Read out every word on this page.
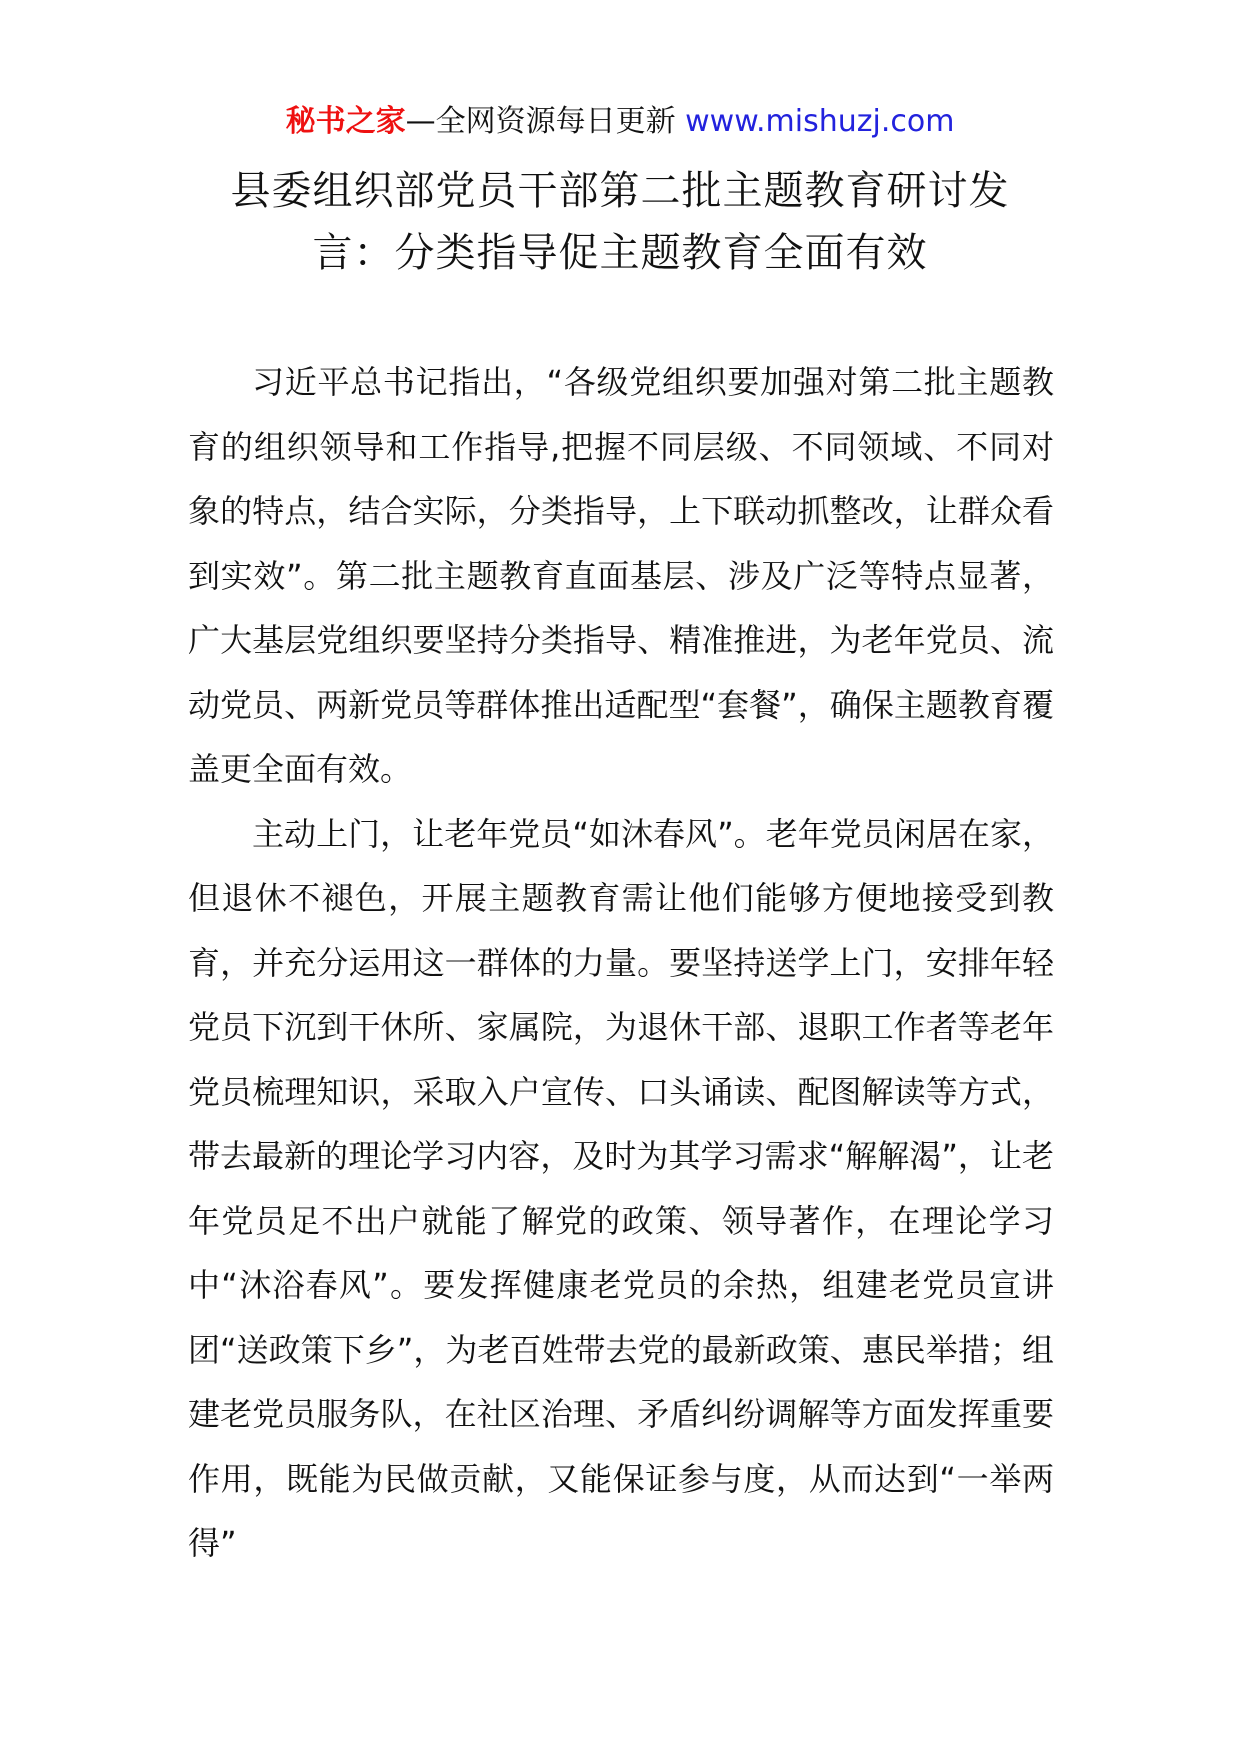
秘书之家—全网资源每日更新 www.mishuzj.com
县委组织部党员干部第二批主题教育研讨发言：分类指导促主题教育全面有效

习近平总书记指出，“各级党组织要加强对第二批主题教育的组织领导和工作指导,把握不同层级、不同领域、不同对象的特点，结合实际，分类指导，上下联动抓整改，让群众看到实效”。第二批主题教育直面基层、涉及广泛等特点显著，广大基层党组织要坚持分类指导、精准推进，为老年党员、流动党员、两新党员等群体推出适配型“套餐”，确保主题教育覆盖更全面有效。

主动上门，让老年党员“如沐春风”。老年党员闲居在家，但退休不褪色，开展主题教育需让他们能够方便地接受到教育，并充分运用这一群体的力量。要坚持送学上门，安排年轻党员下沉到干休所、家属院，为退休干部、退职工作者等老年党员梳理知识，采取入户宣传、口头诵读、配图解读等方式，带去最新的理论学习内容，及时为其学习需求“解解渴”，让老年党员足不出户就能了解党的政策、领导著作，在理论学习中“沐浴春风”。要发挥健康老党员的余热，组建老党员宣讲团“送政策下乡”，为老百姓带去党的最新政策、惠民举措；组建老党员服务队，在社区治理、矛盾纠纷调解等方面发挥重要作用，既能为民做贡献，又能保证参与度，从而达到“一举两得”
